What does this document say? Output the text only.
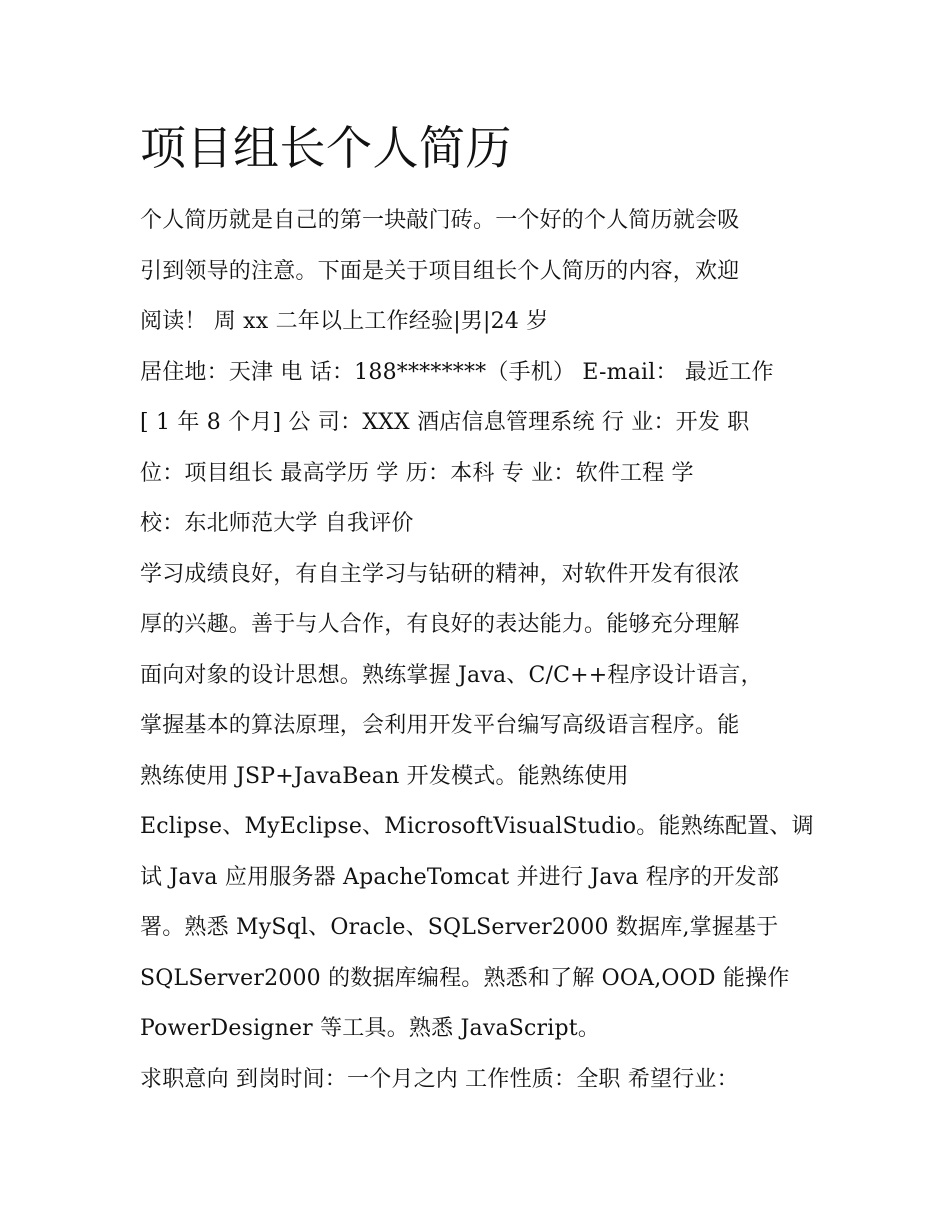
项目组长个人简历
个人简历就是自己的第一块敲门砖。一个好的个人简历就会吸
引到领导的注意。下面是关于项目组长个人简历的内容，欢迎
阅读！ 周 xx 二年以上工作经验|男|24 岁
居住地：天津 电 话：188********（手机） E-mail： 最近工作
[ 1 年 8 个月] 公 司：XXX 酒店信息管理系统 行 业：开发 职
位：项目组长 最高学历 学 历：本科 专 业：软件工程 学
校：东北师范大学 自我评价
学习成绩良好，有自主学习与钻研的精神，对软件开发有很浓
厚的兴趣。善于与人合作，有良好的表达能力。能够充分理解
面向对象的设计思想。熟练掌握 Java、C/C++程序设计语言，
掌握基本的算法原理，会利用开发平台编写高级语言程序。能
熟练使用 JSP+JavaBean 开发模式。能熟练使用
Eclipse、MyEclipse、MicrosoftVisualStudio。能熟练配置、调
试 Java 应用服务器 ApacheTomcat 并进行 Java 程序的开发部
署。熟悉 MySql、Oracle、SQLServer2000 数据库,掌握基于
SQLServer2000 的数据库编程。熟悉和了解 OOA,OOD 能操作
PowerDesigner 等工具。熟悉 JavaScript。
求职意向 到岗时间：一个月之内 工作性质：全职 希望行业：
